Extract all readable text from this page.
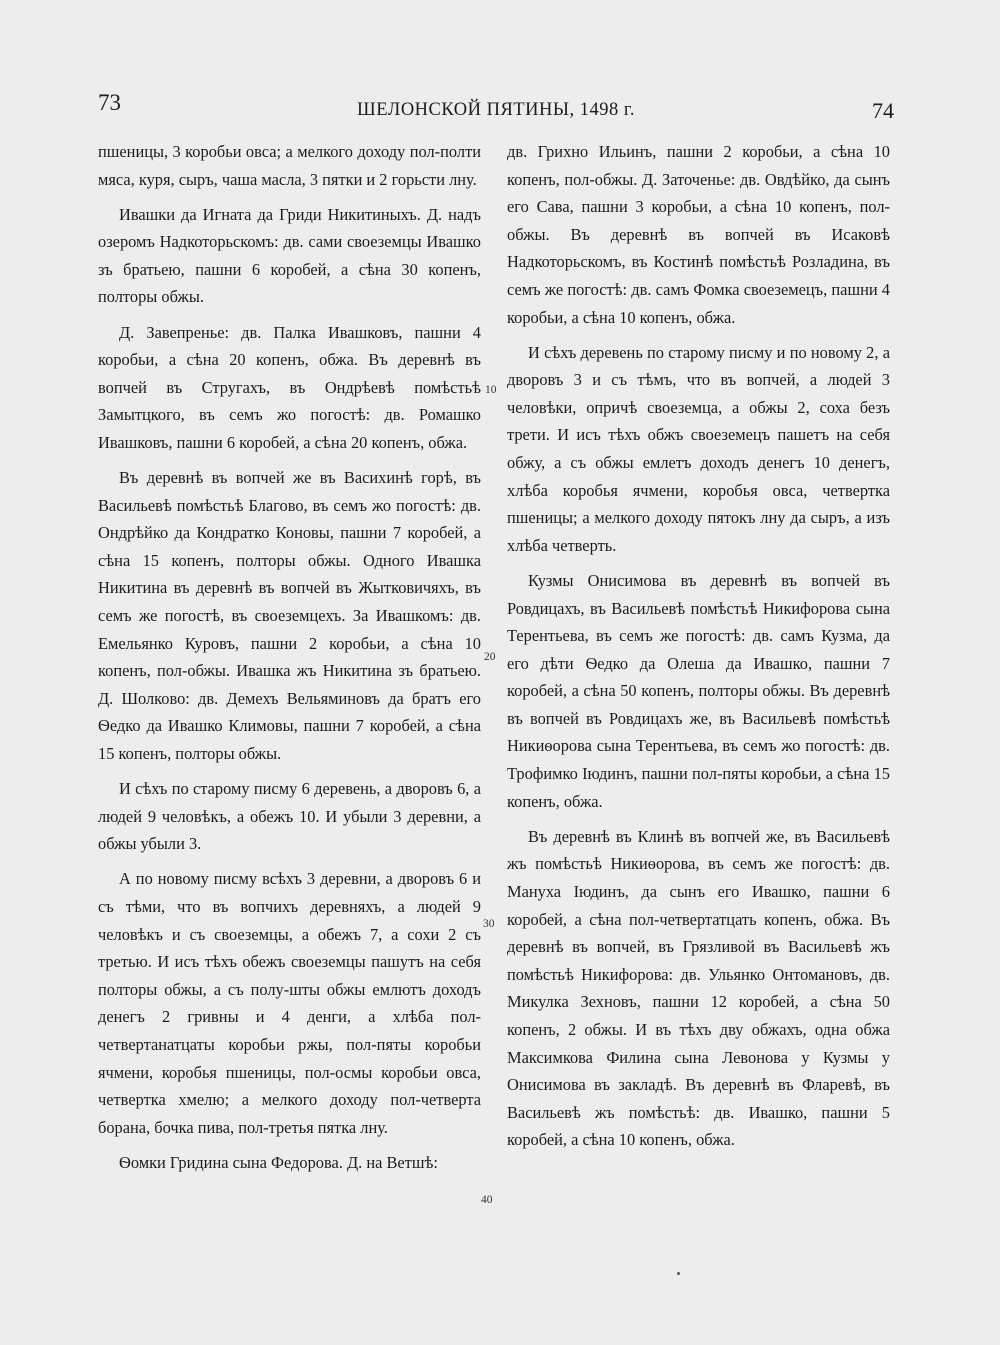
73	ШЕЛОНСКОЙ ПЯТИНЫ, 1498 г.	74

пшеницы, 3 коробьи овса; а мелкого доходу пол-полти мяса, куря, сыръ, чаша масла, 3 пятки и 2 горьсти лну.

Ивашки да Игната да Гриди Никитиныхъ. Д. надъ озеромъ Надкоторьскомъ: дв. сами своеземцы Ивашко зъ братьею, пашни 6 коробей, а сѣна 30 копенъ, полторы обжы.

Д. Завепренье: дв. Палка Ивашковъ, пашни 4 коробьи, а сѣна 20 копенъ, обжа. Въ деревнѣ въ вопчей въ Стругахъ, въ Ондрѣевѣ помѣстьѣ Замытцкого, въ семъ жо погостѣ: дв. Ромашко Ивашковъ, пашни 6 коробей, а сѣна 20 копенъ, обжа.

Въ деревнѣ въ вопчей же въ Васихинѣ горѣ, въ Васильевѣ помѣстьѣ Благово, въ семъ жо погостѣ: дв. Ондрѣйко да Кондратко Коновы, пашни 7 коробей, а сѣна 15 копенъ, полторы обжы. Одного Ивашка Никитина въ деревнѣ въ вопчей въ Жытковичяхъ, въ семъ же погостѣ, въ своеземцехъ. За Ивашкомъ: дв. Емельянко Куровъ, пашни 2 коробьи, а сѣна 10 копенъ, пол-обжы. Ивашка жъ Никитина зъ братьею. Д. Шолково: дв. Демехъ Вельяминовъ да братъ его Ѳедко да Ивашко Климовы, пашни 7 коробей, а сѣна 15 копенъ, полторы обжы.

И сѣхъ по старому писму 6 деревень, а дворовъ 6, а людей 9 человѣкъ, а обежъ 10. И убыли 3 деревни, а обжы убыли 3.

А по новому писму всѣхъ 3 деревни, а дворовъ 6 и съ тѣми, что въ вопчихъ деревняхъ, а людей 9 человѣкъ и съ своеземцы, а обежъ 7, а сохи 2 съ третью. И исъ тѣхъ обежъ своеземцы пашутъ на себя полторы обжы, а съ полу-шты обжы емлютъ доходъ денегъ 2 гривны и 4 денги, а хлѣба пол-четвертанатцаты коробьи ржы, пол-пяты коробьи ячмени, коробья пшеницы, пол-осмы коробьи овса, четвертка хмелю; а мелкого доходу пол-четверта борана, бочка пива, пол-третья пятка лну.

Ѳомки Гридина сына Федорова. Д. на Ветшѣ:

дв. Грихно Ильинъ, пашни 2 коробьи, а сѣна 10 копенъ, пол-обжы. Д. Заточенье: дв. Овдѣйко, да сынъ его Сава, пашни 3 коробьи, а сѣна 10 копенъ, пол-обжы. Въ деревнѣ въ вопчей въ Исаковѣ Надкоторьскомъ, въ Костинѣ помѣстьѣ Розладина, въ семъ же погостѣ: дв. самъ Фомка своеземецъ, пашни 4 коробьи, а сѣна 10 копенъ, обжа.

И сѣхъ деревень по старому писму и по новому 2, а дворовъ 3 и съ тѣмъ, что въ вопчей, а людей 3 человѣки, опричѣ своеземца, а обжы 2, соха безъ трети. И исъ тѣхъ обжъ своеземецъ пашетъ на себя обжу, а съ обжы емлетъ доходъ денегъ 10 денегъ, хлѣба коробья ячмени, коробья овса, четвертка пшеницы; а мелкого доходу пятокъ лну да сыръ, а изъ хлѣба четверть.

Кузмы Онисимова въ деревнѣ въ вопчей въ Ровдицахъ, въ Васильевѣ помѣстьѣ Никифорова сына Терентьева, въ семъ же погостѣ: дв. самъ Кузма, да его дѣти Ѳедко да Олеша да Ивашко, пашни 7 коробей, а сѣна 50 копенъ, полторы обжы. Въ деревнѣ въ вопчей въ Ровдицахъ же, въ Васильевѣ помѣстьѣ Никиѳорова сына Терентьева, въ семъ жо погостѣ: дв. Трофимко Іюдинъ, пашни пол-пяты коробьи, а сѣна 15 копенъ, обжа.

Въ деревнѣ въ Клинѣ въ вопчей же, въ Васильевѣ жъ помѣстьѣ Никиѳорова, въ семъ же погостѣ: дв. Мануха Іюдинъ, да сынъ его Ивашко, пашни 6 коробей, а сѣна пол-четвертатцать копенъ, обжа. Въ деревнѣ въ вопчей, въ Грязливой въ Васильевѣ жъ помѣстьѣ Никифорова: дв. Ульянко Онтомановъ, дв. Микулка Зехновъ, пашни 12 коробей, а сѣна 50 копенъ, 2 обжы. И въ тѣхъ дву обжахъ, одна обжа Максимкова Филина сына Левонова у Кузмы у Онисимова въ закладѣ. Въ деревнѣ въ Фларевѣ, въ Васильевѣ жъ помѣстьѣ: дв. Ивашко, пашни 5 коробей, а сѣна 10 копенъ, обжа.

10
20
30
40
